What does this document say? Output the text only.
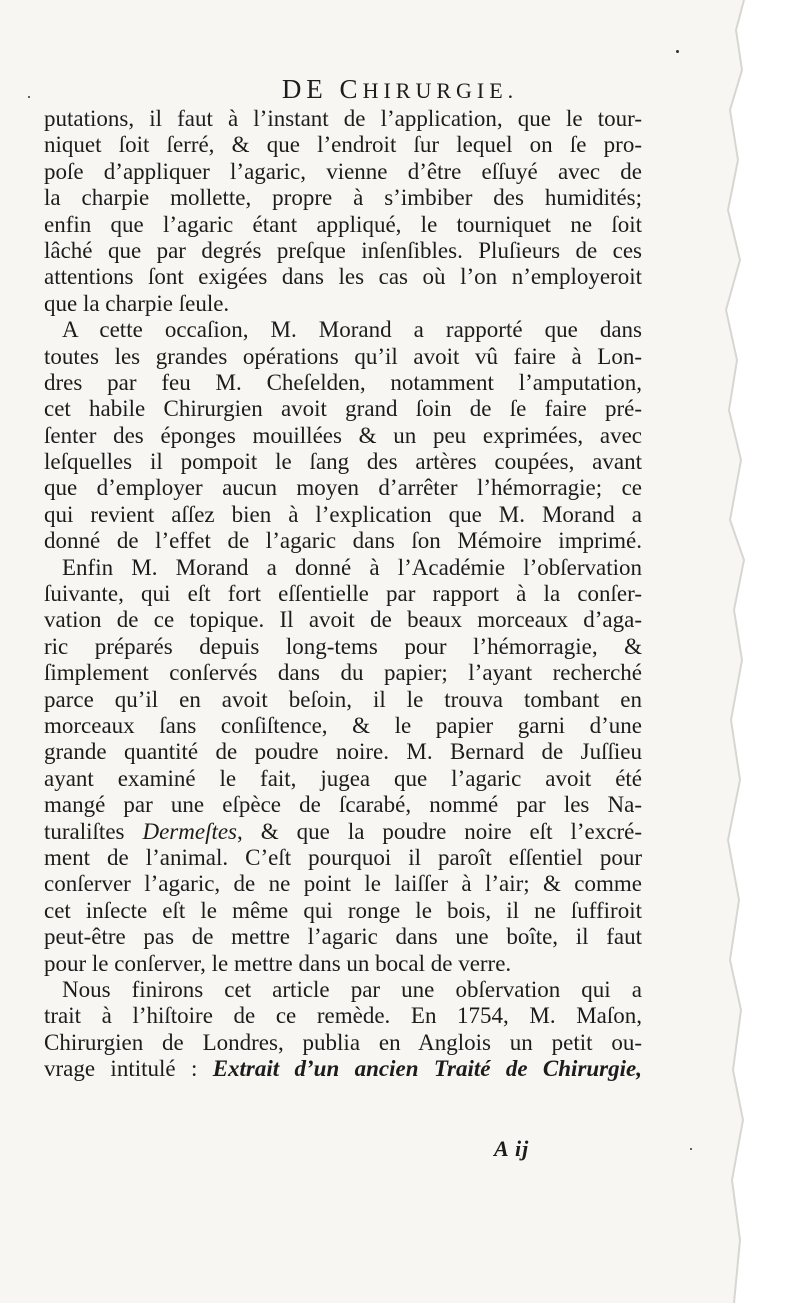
DE CHIRURGIE.
putations, il faut à l’instant de l’application, que le tour-
niquet ſoit ſerré, & que l’endroit ſur lequel on ſe pro-
poſe d’appliquer l’agaric, vienne d’être eſſuyé avec de
la charpie mollette, propre à s’imbiber des humidités;
enfin que l’agaric étant appliqué, le tourniquet ne ſoit
lâché que par degrés preſque inſenſibles. Pluſieurs de ces
attentions ſont exigées dans les cas où l’on n’employeroit
que la charpie ſeule.
A cette occaſion, M. Morand a rapporté que dans
toutes les grandes opérations qu’il avoit vû faire à Lon-
dres par feu M. Cheſelden, notamment l’amputation,
cet habile Chirurgien avoit grand ſoin de ſe faire pré-
ſenter des éponges mouillées & un peu exprimées, avec
leſquelles il pompoit le ſang des artères coupées, avant
que d’employer aucun moyen d’arrêter l’hémorragie; ce
qui revient aſſez bien à l’explication que M. Morand a
donné de l’effet de l’agaric dans ſon Mémoire imprimé.
Enfin M. Morand a donné à l’Académie l’obſervation
ſuivante, qui eſt fort eſſentielle par rapport à la conſer-
vation de ce topique. Il avoit de beaux morceaux d’aga-
ric préparés depuis long-tems pour l’hémorragie, &
ſimplement conſervés dans du papier; l’ayant recherché
parce qu’il en avoit beſoin, il le trouva tombant en
morceaux ſans conſiſtence, & le papier garni d’une
grande quantité de poudre noire. M. Bernard de Juſſieu
ayant examiné le fait, jugea que l’agaric avoit été
mangé par une eſpèce de ſcarabé, nommé par les Na-
turaliſtes Dermeſtes, & que la poudre noire eſt l’excré-
ment de l’animal. C’eſt pourquoi il paroît eſſentiel pour
conſerver l’agaric, de ne point le laiſſer à l’air; & comme
cet inſecte eſt le même qui ronge le bois, il ne ſuffiroit
peut-être pas de mettre l’agaric dans une boîte, il faut
pour le conſerver, le mettre dans un bocal de verre.
Nous finirons cet article par une obſervation qui a
trait à l’hiſtoire de ce remède. En 1754, M. Maſon,
Chirurgien de Londres, publia en Anglois un petit ou-
vrage intitulé : Extrait d’un ancien Traité de Chirurgie,
A ij
